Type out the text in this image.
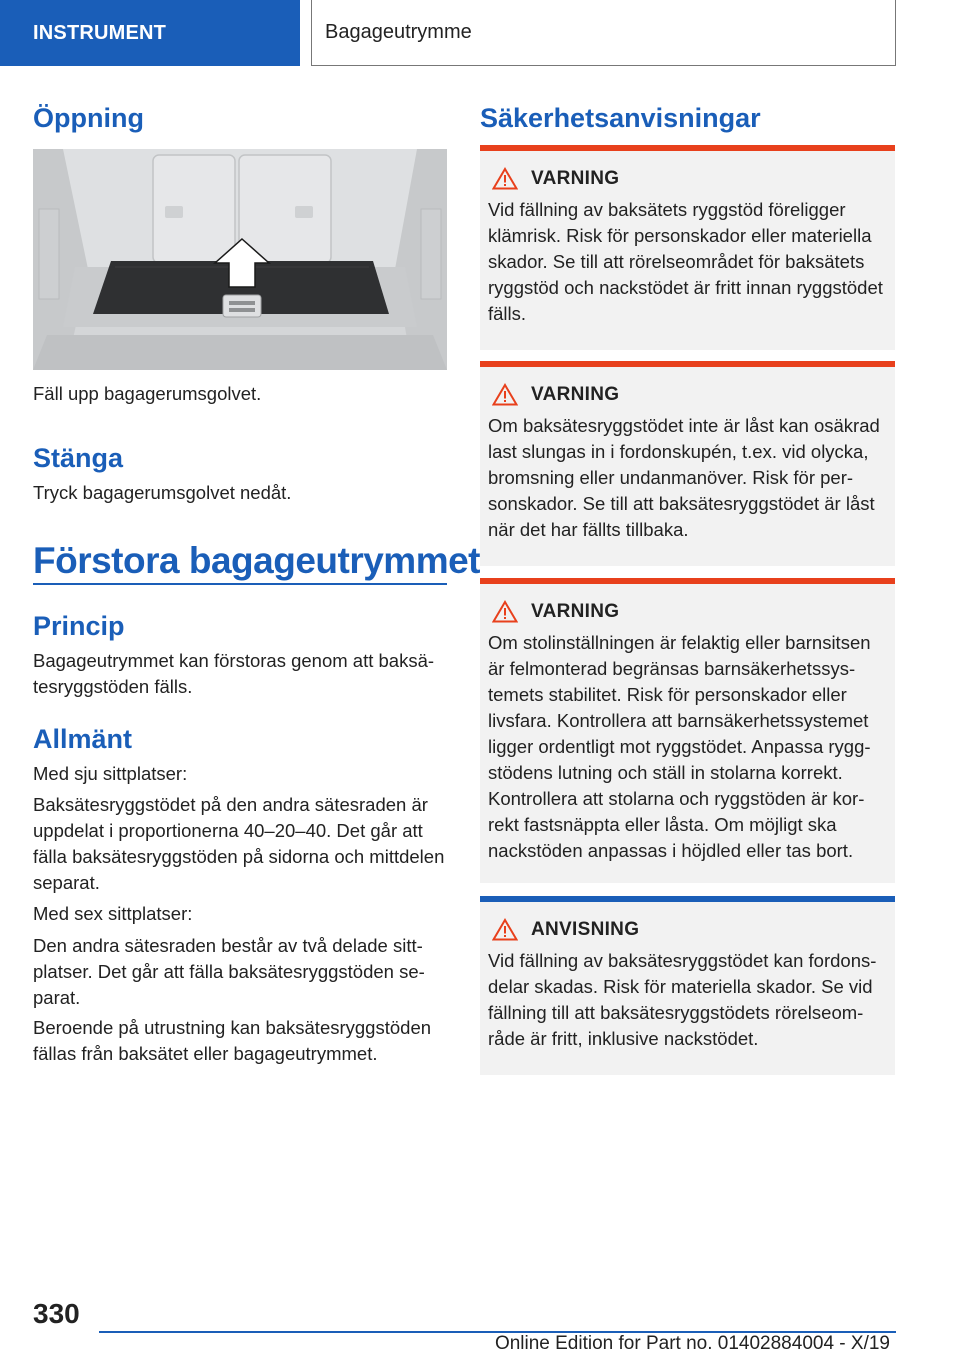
INSTRUMENT	Bagageutrymme
Öppning

Fäll upp bagagerumsgolvet.

Stänga

Tryck bagagerumsgolvet nedåt.

Förstora bagageutrymmet
Princip

Bagageutrymmet kan förstoras genom att baksätesryggstöden fälls.

Allmänt

Med sju sittplatser:

Baksätesryggstödet på den andra sätesraden är uppdelat i proportionerna 40–20–40. Det går att fälla baksätesryggstöden på sidorna och mittdelen separat.

Med sex sittplatser:

Den andra sätesraden består av två delade sittplatser. Det går att fälla baksätesryggstöden separat.

Beroende på utrustning kan baksätesryggstöden fällas från baksätet eller bagageutrymmet.

Säkerhetsanvisningar
VARNING

Vid fällning av baksätets ryggstöd föreligger klämrisk. Risk för personskador eller materiella skador. Se till att rörelseområdet för baksätets ryggstöd och nackstödet är fritt innan ryggstödet fälls.

VARNING

Om baksätesryggstödet inte är låst kan osäkrad last slungas in i fordonskupén, t.ex. vid olycka, bromsning eller undanmanöver. Risk för personskador. Se till att baksätesryggstödet är låst när det har fällts tillbaka.

VARNING

Om stolinställningen är felaktig eller barnsitsen är felmonterad begränsas barnsäkerhetssystemets stabilitet. Risk för personskador eller livsfara. Kontrollera att barnsäkerhetssystemet ligger ordentligt mot ryggstödet. Anpassa ryggstödens lutning och ställ in stolarna korrekt. Kontrollera att stolarna och ryggstöden är korrekt fastsnäppta eller låsta. Om möjligt ska nackstöden anpassas i höjdled eller tas bort.

ANVISNING

Vid fällning av baksätesryggstödet kan fordonsdelar skadas. Risk för materiella skador. Se vid fällning till att baksätesryggstödets rörelseområde är fritt, inklusive nackstödet.

330
Online Edition for Part no. 01402884004 - X/19
